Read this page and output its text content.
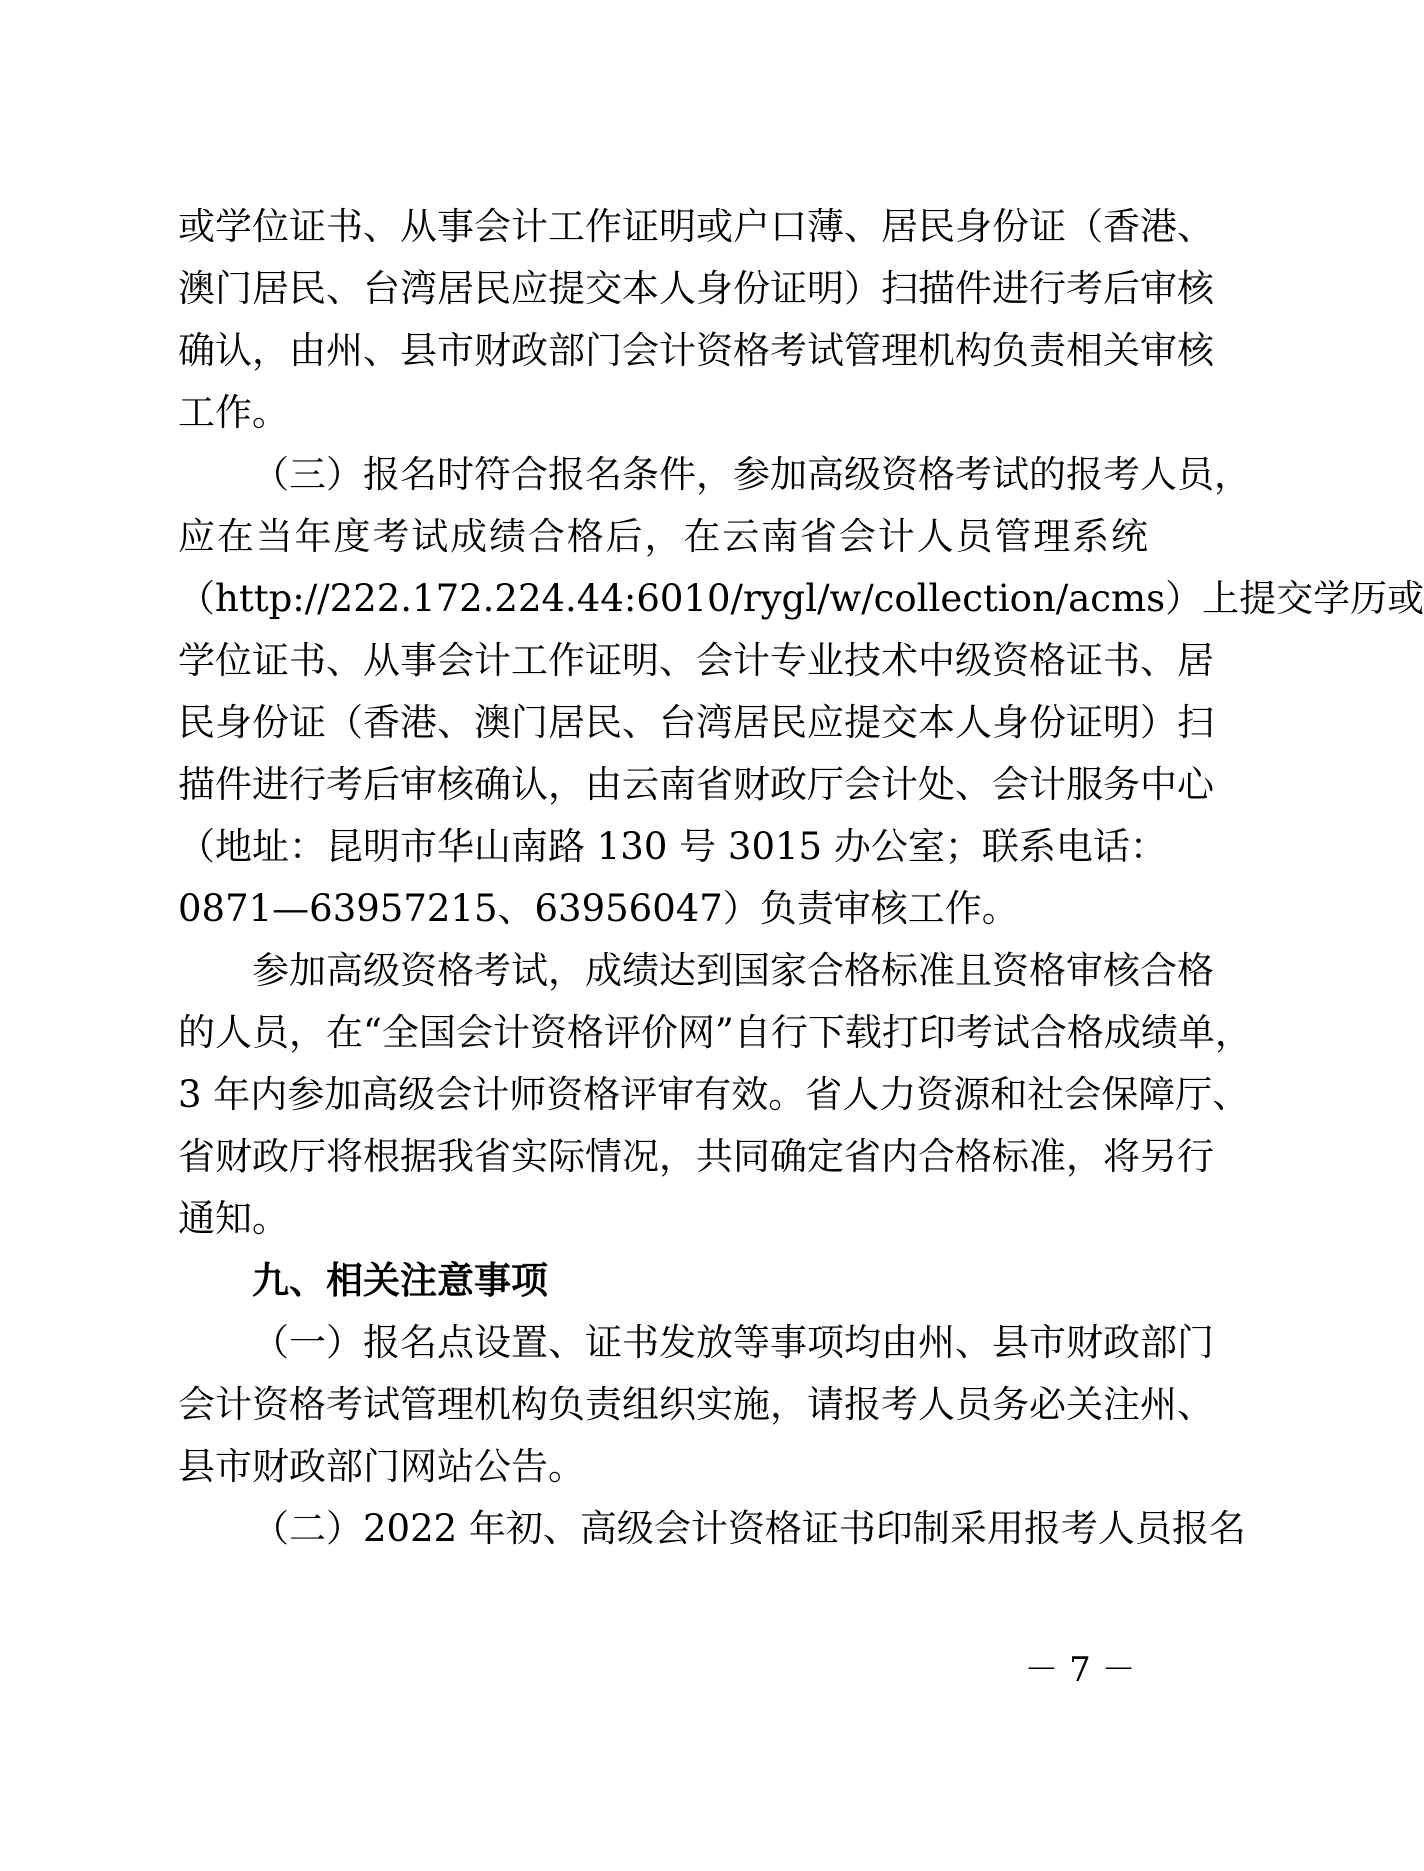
或学位证书、从事会计工作证明或户口薄、居民身份证（香港、
澳门居民、台湾居民应提交本人身份证明）扫描件进行考后审核
确认，由州、县市财政部门会计资格考试管理机构负责相关审核
工作。
（三）报名时符合报名条件，参加高级资格考试的报考人员，
应在当年度考试成绩合格后，在云南省会计人员管理系统
（http://222.172.224.44:6010/rygl/w/collection/acms）上提交学历或
学位证书、从事会计工作证明、会计专业技术中级资格证书、居
民身份证（香港、澳门居民、台湾居民应提交本人身份证明）扫
描件进行考后审核确认，由云南省财政厅会计处、会计服务中心
（地址：昆明市华山南路 130 号 3015 办公室；联系电话：
0871—63957215、63956047）负责审核工作。
参加高级资格考试，成绩达到国家合格标准且资格审核合格
的人员，在“全国会计资格评价网”自行下载打印考试合格成绩单，
3 年内参加高级会计师资格评审有效。省人力资源和社会保障厅、
省财政厅将根据我省实际情况，共同确定省内合格标准，将另行
通知。
九、相关注意事项
（一）报名点设置、证书发放等事项均由州、县市财政部门
会计资格考试管理机构负责组织实施，请报考人员务必关注州、
县市财政部门网站公告。
（二）2022 年初、高级会计资格证书印制采用报考人员报名
－ 7 －
